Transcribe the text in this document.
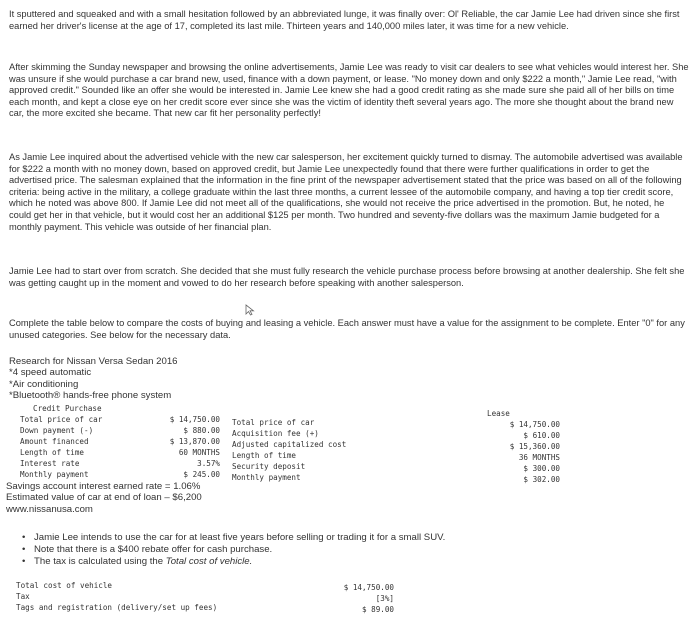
It sputtered and squeaked and with a small hesitation followed by an abbreviated lunge, it was finally over: Ol' Reliable, the car Jamie Lee had driven since she first earned her driver's license at the age of 17, completed its last mile. Thirteen years and 140,000 miles later, it was time for a new vehicle.

After skimming the Sunday newspaper and browsing the online advertisements, Jamie Lee was ready to visit car dealers to see what vehicles would interest her. She was unsure if she would purchase a car brand new, used, finance with a down payment, or lease. "No money down and only $222 a month," Jamie Lee read, "with approved credit." Sounded like an offer she would be interested in. Jamie Lee knew she had a good credit rating as she made sure she paid all of her bills on time each month, and kept a close eye on her credit score ever since she was the victim of identity theft several years ago. The more she thought about the brand new car, the more excited she became. That new car fit her personality perfectly!

As Jamie Lee inquired about the advertised vehicle with the new car salesperson, her excitement quickly turned to dismay. The automobile advertised was available for $222 a month with no money down, based on approved credit, but Jamie Lee unexpectedly found that there were further qualifications in order to get the advertised price. The salesman explained that the information in the fine print of the newspaper advertisement stated that the price was based on all of the following criteria: being active in the military, a college graduate within the last three months, a current lessee of the automobile company, and having a top tier credit score, which he noted was above 800. If Jamie Lee did not meet all of the qualifications, she would not receive the price advertised in the promotion. But, he noted, he could get her in that vehicle, but it would cost her an additional $125 per month. Two hundred and seventy-five dollars was the maximum Jamie budgeted for a monthly payment. This vehicle was outside of her financial plan.

Jamie Lee had to start over from scratch. She decided that she must fully research the vehicle purchase process before browsing at another dealership. She felt she was getting caught up in the moment and vowed to do her research before speaking with another salesperson.

Complete the table below to compare the costs of buying and leasing a vehicle. Each answer must have a value for the assignment to be complete. Enter "0" for any unused categories. See below for the necessary data.

Research for Nissan Versa Sedan 2016
*4 speed automatic
*Air conditioning
*Bluetooth® hands-free phone system
Credit Purchase
Total price of car	$ 14,750.00
Down payment (-)	$ 880.00
Amount financed	$ 13,870.00
Length of time	60 MONTHS
Interest rate	3.57%
Monthly payment	$ 245.00
Lease
Total price of car	$ 14,750.00
Acquisition fee (+)	$ 610.00
Adjusted capitalized cost	$ 15,360.00
Length of time	36 MONTHS
Security deposit	$ 300.00
Monthly payment	$ 302.00
Savings account interest earned rate = 1.06%
Estimated value of car at end of loan – $6,200
www.nissanusa.com
• Jamie Lee intends to use the car for at least five years before selling or trading it for a small SUV.
• Note that there is a $400 rebate offer for cash purchase.
• The tax is calculated using the Total cost of vehicle.
Total cost of vehicle	$ 14,750.00
Tax	[3%]
Tags and registration (delivery/set up fees)	$ 89.00
